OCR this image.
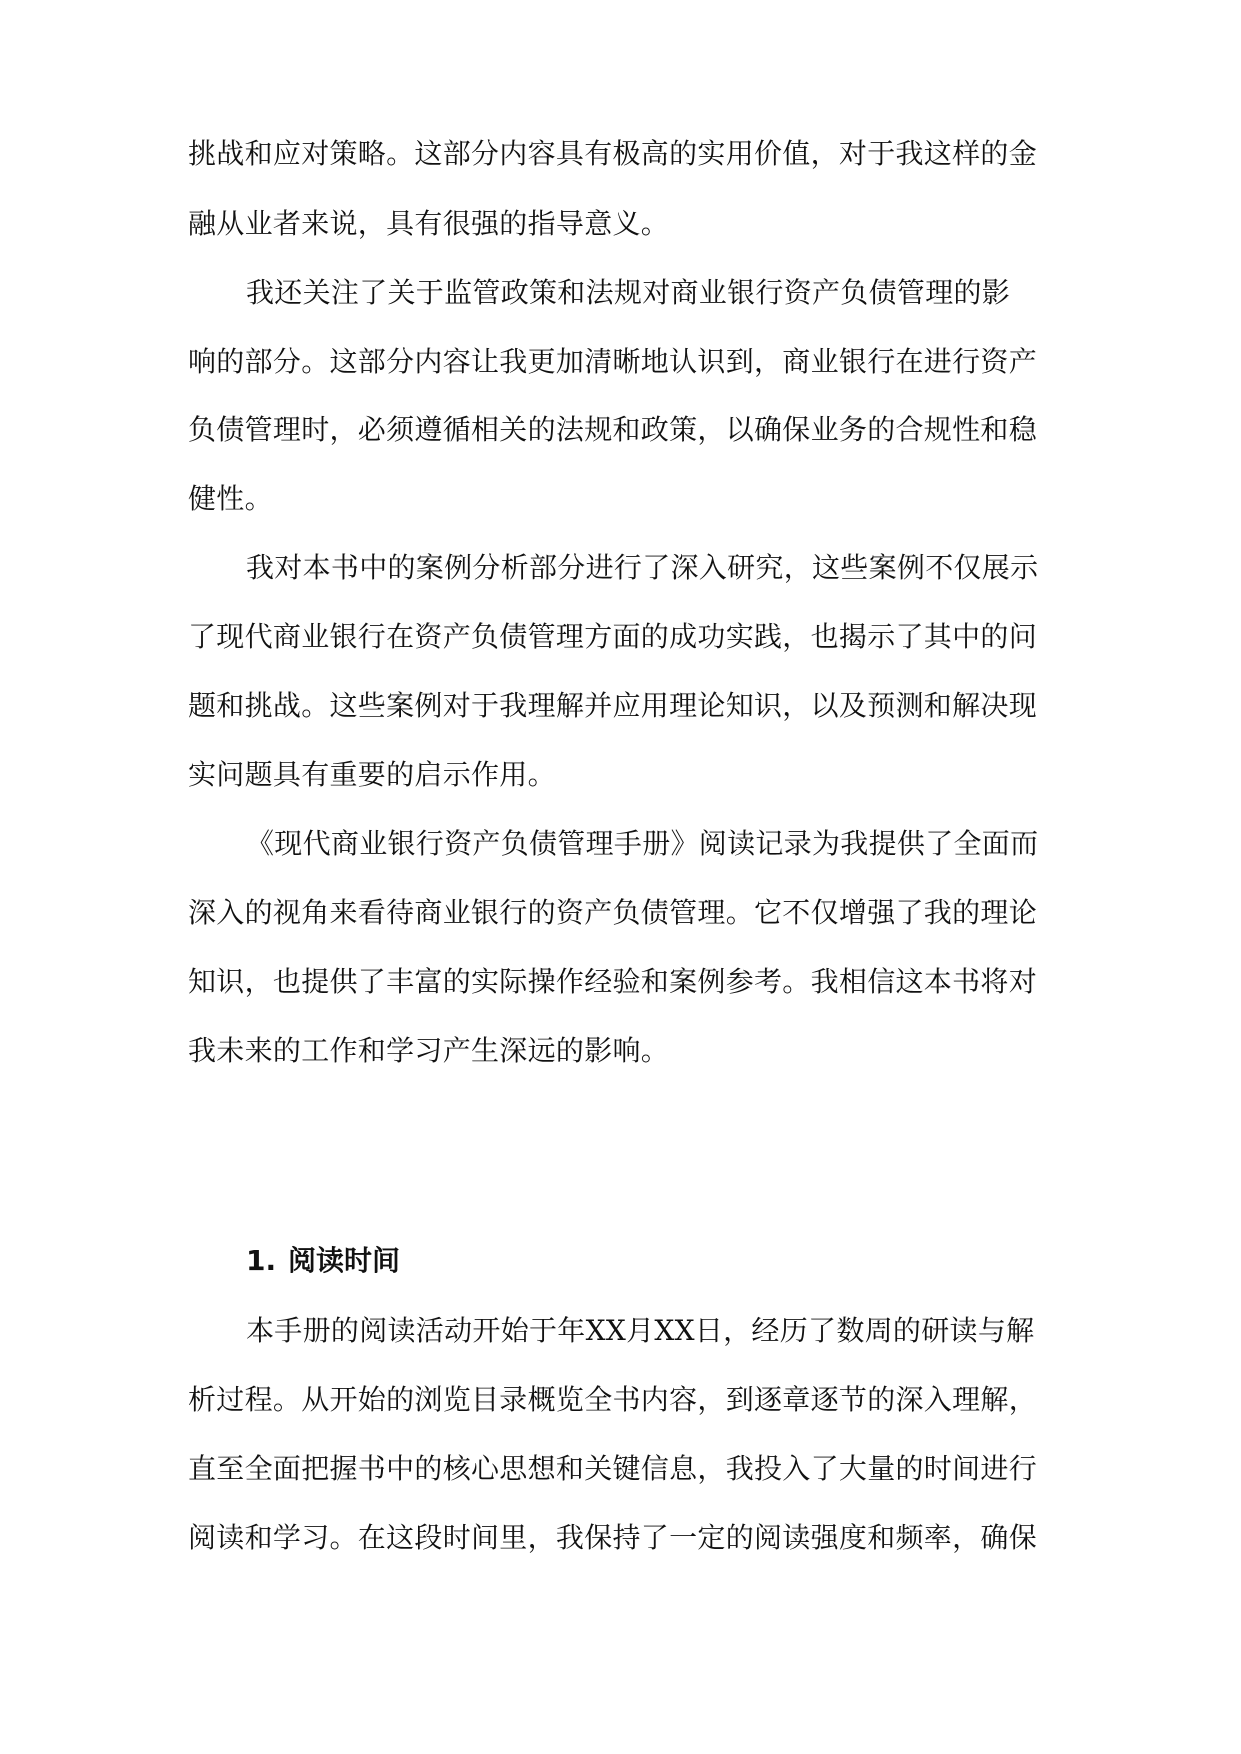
挑战和应对策略。这部分内容具有极高的实用价值，对于我这样的金
融从业者来说，具有很强的指导意义。
我还关注了关于监管政策和法规对商业银行资产负债管理的影
响的部分。这部分内容让我更加清晰地认识到，商业银行在进行资产
负债管理时，必须遵循相关的法规和政策，以确保业务的合规性和稳
健性。
我对本书中的案例分析部分进行了深入研究，这些案例不仅展示
了现代商业银行在资产负债管理方面的成功实践，也揭示了其中的问
题和挑战。这些案例对于我理解并应用理论知识，以及预测和解决现
实问题具有重要的启示作用。
《现代商业银行资产负债管理手册》阅读记录为我提供了全面而
深入的视角来看待商业银行的资产负债管理。它不仅增强了我的理论
知识，也提供了丰富的实际操作经验和案例参考。我相信这本书将对
我未来的工作和学习产生深远的影响。
1. 阅读时间
本手册的阅读活动开始于年XX月XX日，经历了数周的研读与解
析过程。从开始的浏览目录概览全书内容，到逐章逐节的深入理解，
直至全面把握书中的核心思想和关键信息，我投入了大量的时间进行
阅读和学习。在这段时间里，我保持了一定的阅读强度和频率，确保
